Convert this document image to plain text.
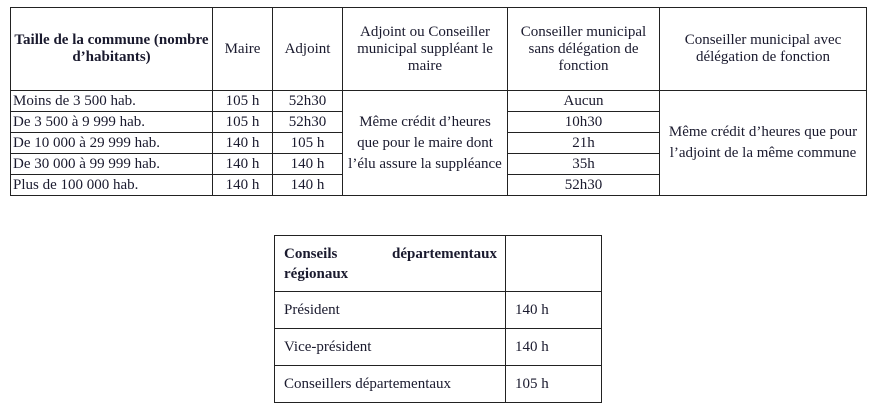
Taille de la commune (nombre d’habitants)	Maire	Adjoint	Adjoint ou Conseiller municipal suppléant le maire	Conseiller municipal sans délégation de fonction	Conseiller municipal avec délégation de fonction
Moins de 3 500 hab.	105 h	52h30	Même crédit d’heures que pour le maire dont l’élu assure la suppléance	Aucun	Même crédit d’heures que pour l’adjoint de la même commune
De 3 500 à 9 999 hab.	105 h	52h30		10h30	
De 10 000 à 29 999 hab.	140 h	105 h		21h	
De 30 000 à 99 999 hab.	140 h	140 h		35h	
Plus de 100 000 hab.	140 h	140 h		52h30	
Conseils départementaux régionaux	
Président	140 h
Vice-président	140 h
Conseillers départementaux	105 h
